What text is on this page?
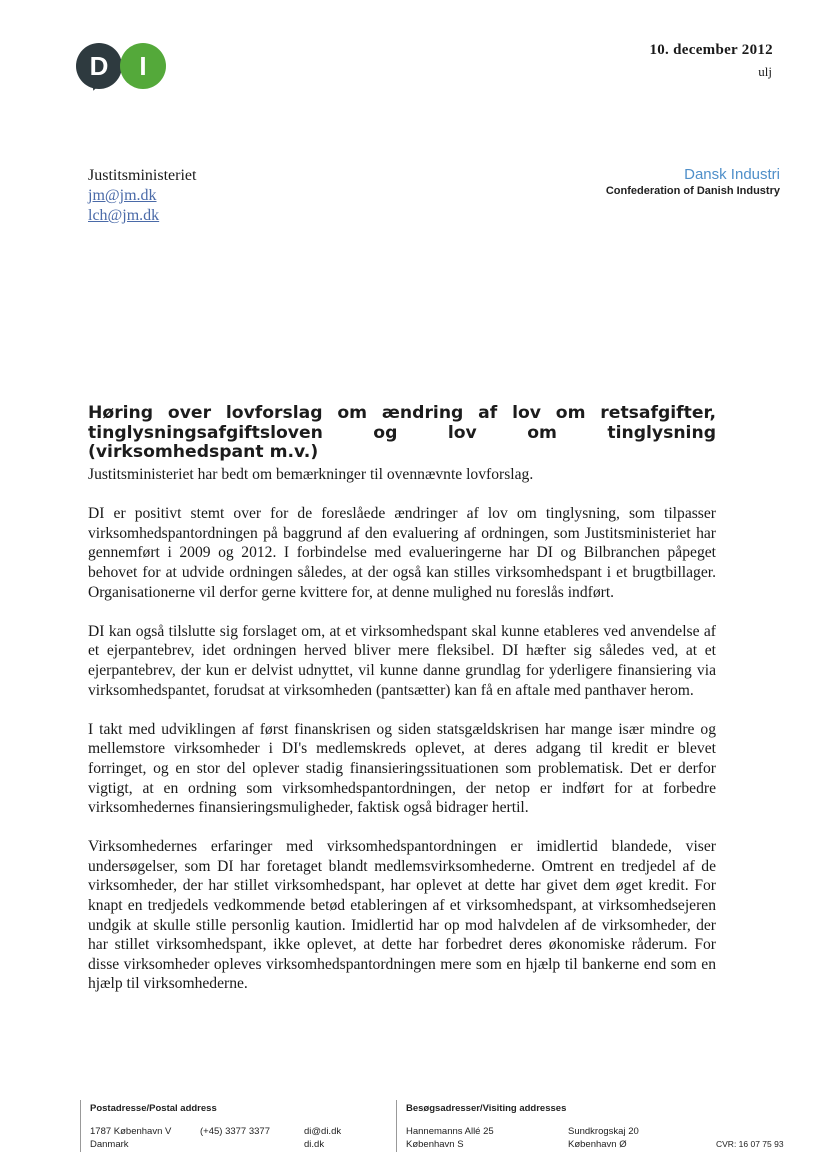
D	I
10. december 2012
ulj
Justitsministeriet
jm@jm.dk
lch@jm.dk
Dansk Industri
Confederation of Danish Industry
Høring over lovforslag om ændring af lov om retsafgifter, tinglysningsafgiftsloven og lov om tinglysning (virksomhedspant m.v.)

Justitsministeriet har bedt om bemærkninger til ovennævnte lovforslag.

DI er positivt stemt over for de foreslåede ændringer af lov om tinglysning, som tilpasser virksomhedspantordningen på baggrund af den evaluering af ordningen, som Justitsministeriet har gennemført i 2009 og 2012. I forbindelse med evalueringerne har DI og Bilbranchen påpeget behovet for at udvide ordningen således, at der også kan stilles virksomhedspant i et brugtbillager. Organisationerne vil derfor gerne kvittere for, at denne mulighed nu foreslås indført.

DI kan også tilslutte sig forslaget om, at et virksomhedspant skal kunne etableres ved anvendelse af et ejerpantebrev, idet ordningen herved bliver mere fleksibel. DI hæfter sig således ved, at et ejerpantebrev, der kun er delvist udnyttet, vil kunne danne grundlag for yderligere finansiering via virksomhedspantet, forudsat at virksomheden (pantsætter) kan få en aftale med panthaver herom.

I takt med udviklingen af først finanskrisen og siden statsgældskrisen har mange især mindre og mellemstore virksomheder i DI's medlemskreds oplevet, at deres adgang til kredit er blevet forringet, og en stor del oplever stadig finansieringssituationen som problematisk. Det er derfor vigtigt, at en ordning som virksomhedspantordningen, der netop er indført for at forbedre virksomhedernes finansieringsmuligheder, faktisk også bidrager hertil.

Virksomhedernes erfaringer med virksomhedspantordningen er imidlertid blandede, viser undersøgelser, som DI har foretaget blandt medlemsvirksomhederne. Omtrent en tredjedel af de virksomheder, der har stillet virksomhedspant, har oplevet at dette har givet dem øget kredit. For knapt en tredjedels vedkommende betød etableringen af et virksomhedspant, at virksomhedsejeren undgik at skulle stille personlig kaution. Imidlertid har op mod halvdelen af de virksomheder, der har stillet virksomhedspant, ikke oplevet, at dette har forbedret deres økonomiske råderum. For disse virksomheder opleves virksomhedspantordningen mere som en hjælp til bankerne end som en hjælp til virksomhederne.

Postadresse/Postal address
1787 København V
Danmark
(+45) 3377 3377	di@di.dk
di.dk
Besøgsadresser/Visiting addresses
Hannemanns Allé 25
København S
Sundkrogskaj 20
København Ø	CVR: 16 07 75 93
